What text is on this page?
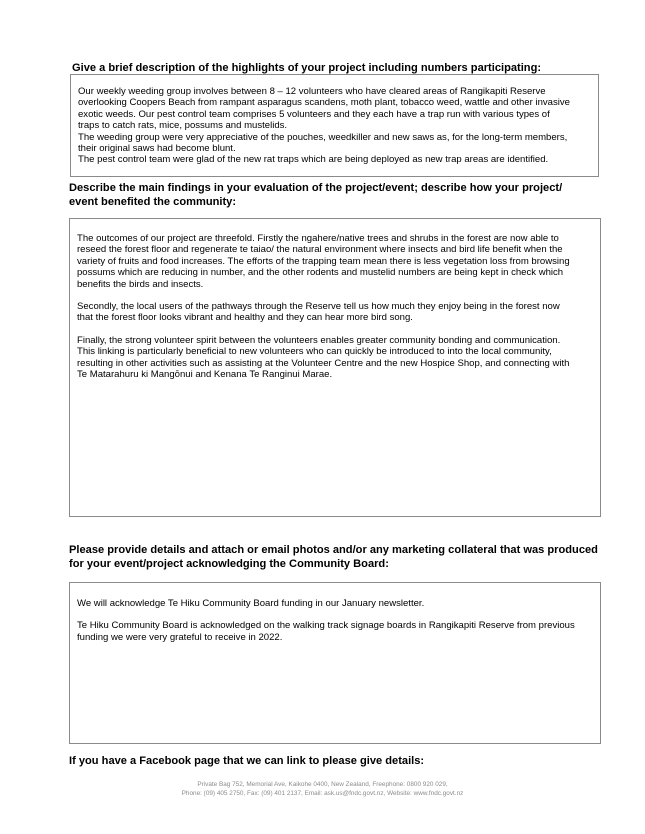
Give a brief description of the highlights of your project including numbers participating:

Our weekly weeding group involves between 8 – 12 volunteers who have cleared areas of Rangikapiti Reserve
overlooking Coopers Beach from rampant asparagus scandens, moth plant, tobacco weed, wattle and other invasive
exotic weeds. Our pest control team comprises 5 volunteers and they each have a trap run with various types of
traps to catch rats, mice, possums and mustelids.
The weeding group were very appreciative of the pouches, weedkiller and new saws as, for the long-term members,
their original saws had become blunt.
The pest control team were glad of the new rat traps which are being deployed as new trap areas are identified.

Describe the main findings in your evaluation of the project/event; describe how your project/
event benefited the community:

The outcomes of our project are threefold. Firstly the ngahere/native trees and shrubs in the forest are now able to
reseed the forest floor and regenerate te taiao/ the natural environment where insects and bird life benefit when the
variety of fruits and food increases. The efforts of the trapping team mean there is less vegetation loss from browsing
possums which are reducing in number, and the other rodents and mustelid numbers are being kept in check which
benefits the birds and insects.

Secondly, the local users of the pathways through the Reserve tell us how much they enjoy being in the forest now
that the forest floor looks vibrant and healthy and they can hear more bird song.

Finally, the strong volunteer spirit between the volunteers enables greater community bonding and communication.
This linking is particularly beneficial to new volunteers who can quickly be introduced to into the local community,
resulting in other activities such as assisting at the Volunteer Centre and the new Hospice Shop, and connecting with
Te Matarahuru ki Mangōnui and Kenana Te Ranginui Marae.

Please provide details and attach or email photos and/or any marketing collateral that was produced
for your event/project acknowledging the Community Board:

We will acknowledge Te Hiku Community Board funding in our January newsletter.

Te Hiku Community Board is acknowledged on the walking track signage boards in Rangikapiti Reserve from previous
funding we were very grateful to receive in 2022.

If you have a Facebook page that we can link to please give details:
Private Bag 752, Memorial Ave, Kaikohe 0400, New Zealand, Freephone: 0800 920 029,
Phone: (09) 405 2750, Fax: (09) 401 2137, Email: ask.us@fndc.govt.nz, Website: www.fndc.govt.nz
